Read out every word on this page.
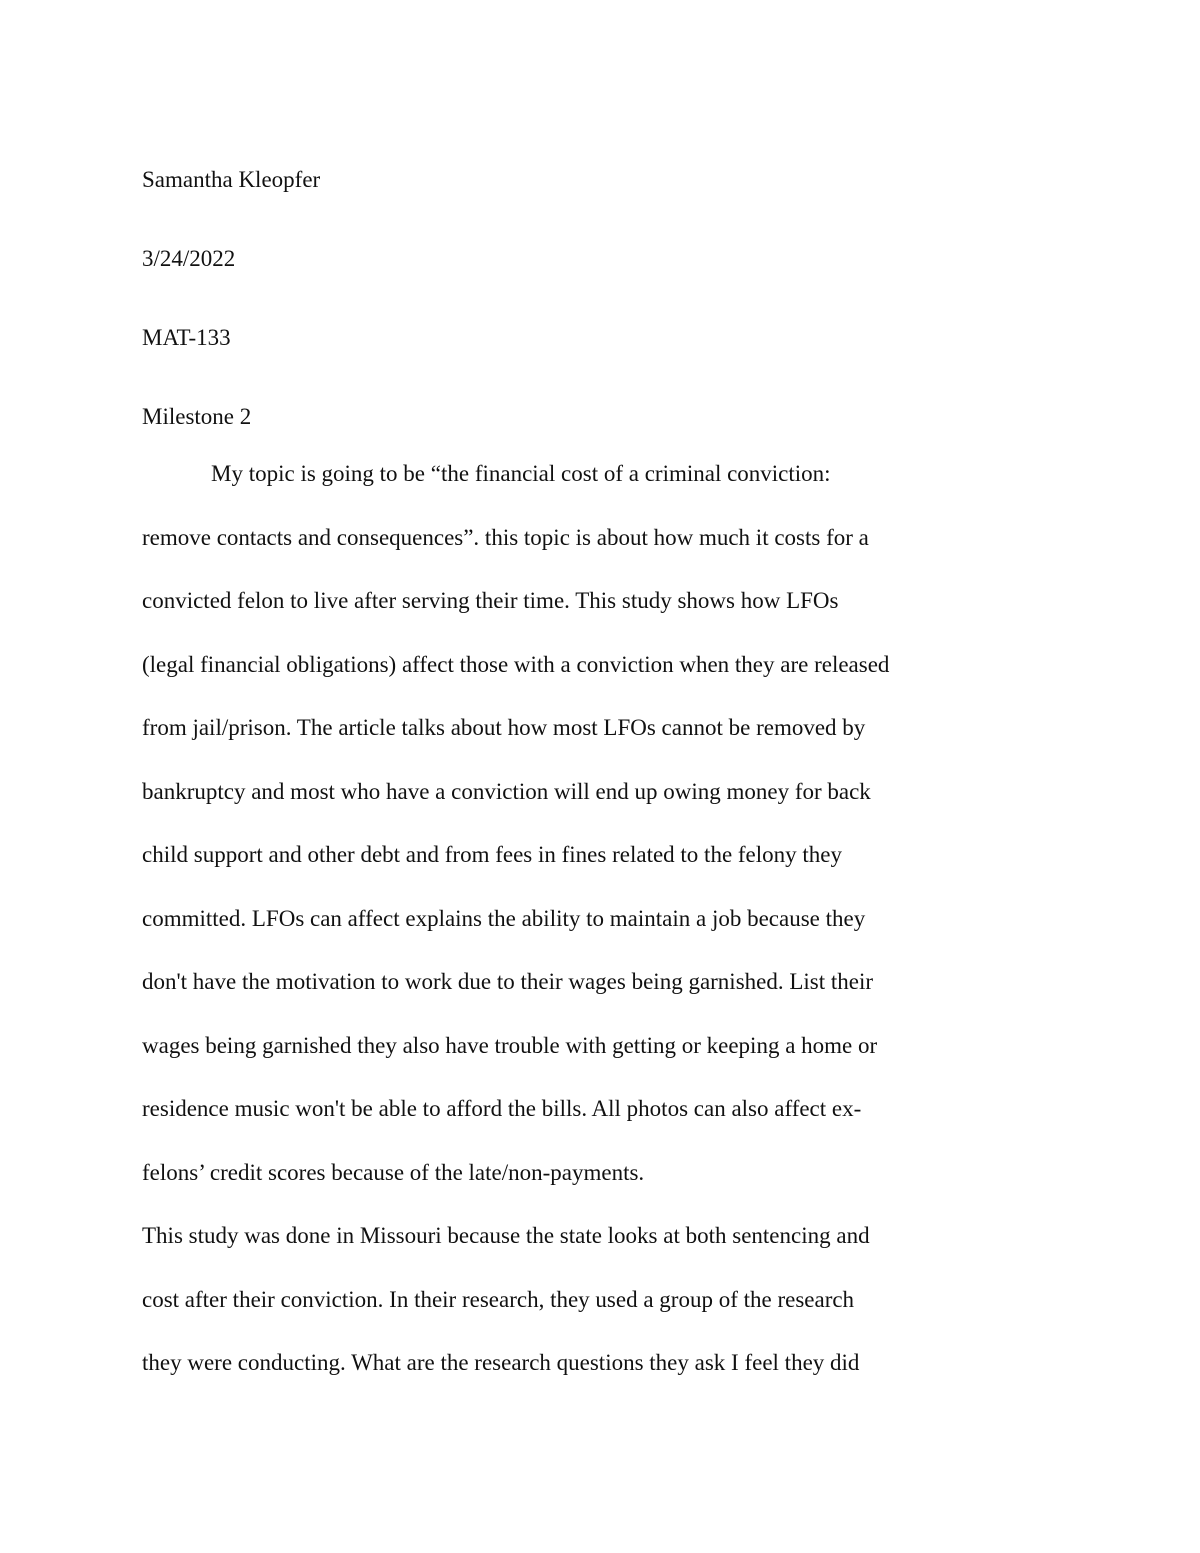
Samantha Kleopfer
3/24/2022
MAT-133
Milestone 2
My topic is going to be “the financial cost of a criminal conviction:
remove contacts and consequences”. this topic is about how much it costs for a
convicted felon to live after serving their time. This study shows how LFOs
(legal financial obligations) affect those with a conviction when they are released
from jail/prison. The article talks about how most LFOs cannot be removed by
bankruptcy and most who have a conviction will end up owing money for back
child support and other debt and from fees in fines related to the felony they
committed. LFOs can affect explains the ability to maintain a job because they
don't have the motivation to work due to their wages being garnished. List their
wages being garnished they also have trouble with getting or keeping a home or
residence music won't be able to afford the bills. All photos can also affect ex-
felons’ credit scores because of the late/non-payments.
This study was done in Missouri because the state looks at both sentencing and
cost after their conviction. In their research, they used a group of the research
they were conducting. What are the research questions they ask I feel they did
